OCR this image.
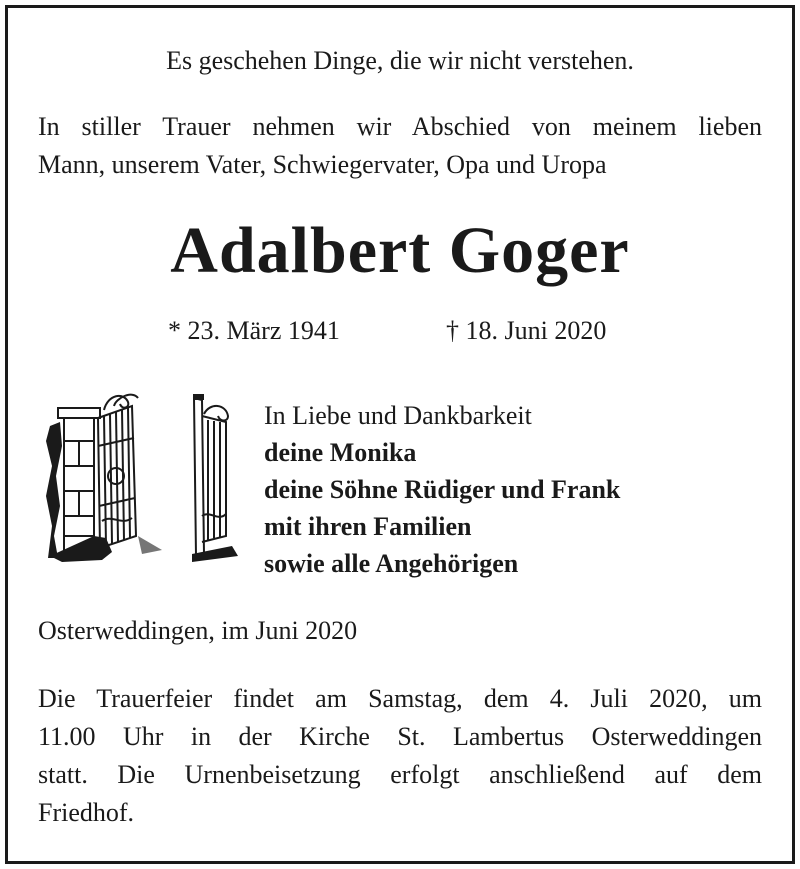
Es geschehen Dinge, die wir nicht verstehen.
In stiller Trauer nehmen wir Abschied von meinem lieben
Mann, unserem Vater, Schwiegervater, Opa und Uropa
Adalbert Goger
* 23. März 1941	† 18. Juni 2020
In Liebe und Dankbarkeit
deine Monika
deine Söhne Rüdiger und Frank
mit ihren Familien
sowie alle Angehörigen
Osterweddingen, im Juni 2020
Die Trauerfeier findet am Samstag, dem 4. Juli 2020, um
11.00 Uhr in der Kirche St. Lambertus Osterweddingen
statt. Die Urnenbeisetzung erfolgt anschließend auf dem
Friedhof.
